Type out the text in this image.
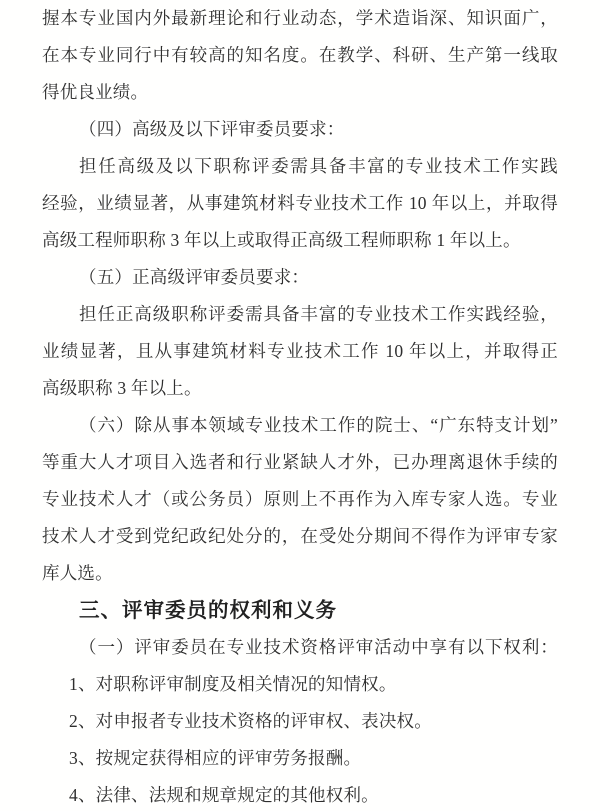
握本专业国内外最新理论和行业动态，学术造诣深、知识面广，
在本专业同行中有较高的知名度。在教学、科研、生产第一线取
得优良业绩。
（四）高级及以下评审委员要求：
担任高级及以下职称评委需具备丰富的专业技术工作实践
经验，业绩显著，从事建筑材料专业技术工作 10 年以上，并取得
高级工程师职称 3 年以上或取得正高级工程师职称 1 年以上。
（五）正高级评审委员要求：
担任正高级职称评委需具备丰富的专业技术工作实践经验，
业绩显著，且从事建筑材料专业技术工作 10 年以上，并取得正
高级职称 3 年以上。
（六）除从事本领域专业技术工作的院士、“广东特支计划”
等重大人才项目入选者和行业紧缺人才外，已办理离退休手续的
专业技术人才（或公务员）原则上不再作为入库专家人选。专业
技术人才受到党纪政纪处分的，在受处分期间不得作为评审专家
库人选。
三、评审委员的权利和义务
（一）评审委员在专业技术资格评审活动中享有以下权利：
1、对职称评审制度及相关情况的知情权。
2、对申报者专业技术资格的评审权、表决权。
3、按规定获得相应的评审劳务报酬。
4、法律、法规和规章规定的其他权利。
